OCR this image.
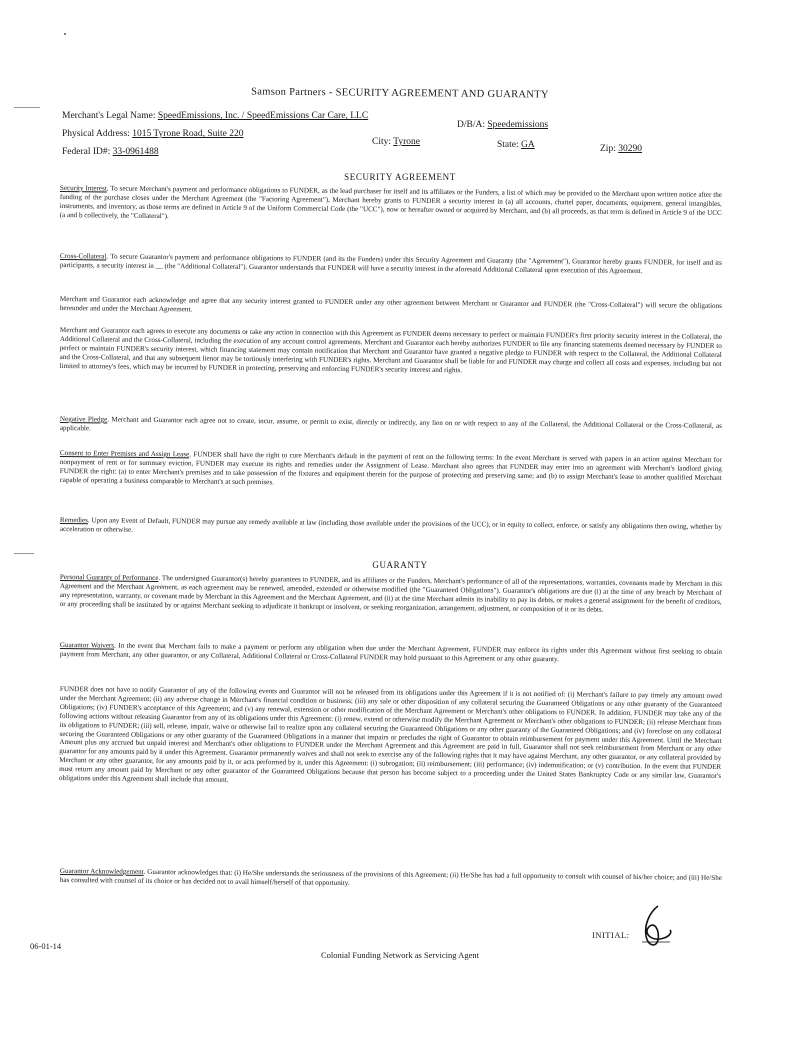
Samson Partners - SECURITY AGREEMENT AND GUARANTY
Merchant's Legal Name: SpeedEmissions, Inc. / SpeedEmissions Car Care, LLC
D/B/A: Speedemissions
Physical Address: 1015 Tyrone Road, Suite 220
City: Tyrone	State: GA	Zip: 30290
Federal ID#: 33-0961488
SECURITY AGREEMENT
Security Interest. To secure Merchant's payment and performance obligations to FUNDER, as the lead purchaser for itself and its affiliates or the Funders, a list of which may be provided to the Merchant upon written notice after the funding of the purchase closes under the Merchant Agreement (the "Factoring Agreement"), Merchant hereby grants to FUNDER a security interest in (a) all accounts, chattel paper, documents, equipment, general intangibles, instruments, and inventory, as those terms are defined in Article 9 of the Uniform Commercial Code (the "UCC"), now or hereafter owned or acquired by Merchant, and (b) all proceeds, as that term is defined in Article 9 of the UCC (a and b collectively, the "Collateral").
Cross-Collateral. To secure Guarantor's payment and performance obligations to FUNDER (and its the Funders) under this Security Agreement and Guaranty (the "Agreement"), Guarantor hereby grants FUNDER, for itself and its participants, a security interest in __ (the "Additional Collateral"). Guarantor understands that FUNDER will have a security interest in the aforesaid Additional Collateral upon execution of this Agreement.
Merchant and Guarantor each acknowledge and agree that any security interest granted to FUNDER under any other agreement between Merchant or Guarantor and FUNDER (the "Cross-Collateral") will secure the obligations hereunder and under the Merchant Agreement.
Merchant and Guarantor each agrees to execute any documents or take any action in connection with this Agreement as FUNDER deems necessary to perfect or maintain FUNDER's first priority security interest in the Collateral, the Additional Collateral and the Cross-Collateral, including the execution of any account control agreements. Merchant and Guarantor each hereby authorizes FUNDER to file any financing statements deemed necessary by FUNDER to perfect or maintain FUNDER's security interest, which financing statement may contain notification that Merchant and Guarantor have granted a negative pledge to FUNDER with respect to the Collateral, the Additional Collateral and the Cross-Collateral, and that any subsequent lienor may be tortiously interfering with FUNDER's rights. Merchant and Guarantor shall be liable for and FUNDER may charge and collect all costs and expenses, including but not limited to attorney's fees, which may be incurred by FUNDER in protecting, preserving and enforcing FUNDER's security interest and rights.
Negative Pledge. Merchant and Guarantor each agree not to create, incur, assume, or permit to exist, directly or indirectly, any lien on or with respect to any of the Collateral, the Additional Collateral or the Cross-Collateral, as applicable.
Consent to Enter Premises and Assign Lease. FUNDER shall have the right to cure Merchant's default in the payment of rent on the following terms: In the event Merchant is served with papers in an action against Merchant for nonpayment of rent or for summary eviction, FUNDER may execute its rights and remedies under the Assignment of Lease. Merchant also agrees that FUNDER may enter into an agreement with Merchant's landlord giving FUNDER the right: (a) to enter Merchant's premises and to take possession of the fixtures and equipment therein for the purpose of protecting and preserving same; and (b) to assign Merchant's lease to another qualified Merchant capable of operating a business comparable to Merchant's at such premises.
Remedies. Upon any Event of Default, FUNDER may pursue any remedy available at law (including those available under the provisions of the UCC), or in equity to collect, enforce, or satisfy any obligations then owing, whether by acceleration or otherwise.
GUARANTY
Personal Guaranty of Performance. The undersigned Guarantor(s) hereby guarantees to FUNDER, and its affiliates or the Funders, Merchant's performance of all of the representations, warranties, covenants made by Merchant in this Agreement and the Merchant Agreement, as each agreement may be renewed, amended, extended or otherwise modified (the "Guaranteed Obligations"). Guarantor's obligations are due (i) at the time of any breach by Merchant of any representation, warranty, or covenant made by Merchant in this Agreement and the Merchant Agreement, and (ii) at the time Merchant admits its inability to pay its debts, or makes a general assignment for the benefit of creditors, or any proceeding shall be instituted by or against Merchant seeking to adjudicate it bankrupt or insolvent, or seeking reorganization, arrangement, adjustment, or composition of it or its debts.
Guarantor Waivers. In the event that Merchant fails to make a payment or perform any obligation when due under the Merchant Agreement, FUNDER may enforce its rights under this Agreement without first seeking to obtain payment from Merchant, any other guarantor, or any Collateral, Additional Collateral or Cross-Collateral FUNDER may hold pursuant to this Agreement or any other guaranty.
FUNDER does not have to notify Guarantor of any of the following events and Guarantor will not be released from its obligations under this Agreement if it is not notified of: (i) Merchant's failure to pay timely any amount owed under the Merchant Agreement; (ii) any adverse change in Merchant's financial condition or business; (iii) any sale or other disposition of any collateral securing the Guaranteed Obligations or any other guaranty of the Guaranteed Obligations; (iv) FUNDER's acceptance of this Agreement; and (v) any renewal, extension or other modification of the Merchant Agreement or Merchant's other obligations to FUNDER. In addition, FUNDER may take any of the following actions without releasing Guarantor from any of its obligations under this Agreement: (i) renew, extend or otherwise modify the Merchant Agreement or Merchant's other obligations to FUNDER; (ii) release Merchant from its obligations to FUNDER; (iii) sell, release, impair, waive or otherwise fail to realize upon any collateral securing the Guaranteed Obligations or any other guaranty of the Guaranteed Obligations; and (iv) foreclose on any collateral securing the Guaranteed Obligations or any other guaranty of the Guaranteed Obligations in a manner that impairs or precludes the right of Guarantor to obtain reimbursement for payment under this Agreement. Until the Merchant Amount plus any accrued but unpaid interest and Merchant's other obligations to FUNDER under the Merchant Agreement and this Agreement are paid in full, Guarantor shall not seek reimbursement from Merchant or any other guarantor for any amounts paid by it under this Agreement. Guarantor permanently waives and shall not seek to exercise any of the following rights that it may have against Merchant, any other guarantor, or any collateral provided by Merchant or any other guarantor, for any amounts paid by it, or acts performed by it, under this Agreement: (i) subrogation; (ii) reimbursement; (iii) performance; (iv) indemnification; or (v) contribution. In the event that FUNDER must return any amount paid by Merchant or any other guarantor of the Guaranteed Obligations because that person has become subject to a proceeding under the United States Bankruptcy Code or any similar law, Guarantor's obligations under this Agreement shall include that amount.
Guarantor Acknowledgement. Guarantor acknowledges that: (i) He/She understands the seriousness of the provisions of this Agreement; (ii) He/She has had a full opportunity to consult with counsel of his/her choice; and (iii) He/She has consulted with counsel of its choice or has decided not to avail himself/herself of that opportunity.
INITIAL:
06-01-14
Colonial Funding Network as Servicing Agent
